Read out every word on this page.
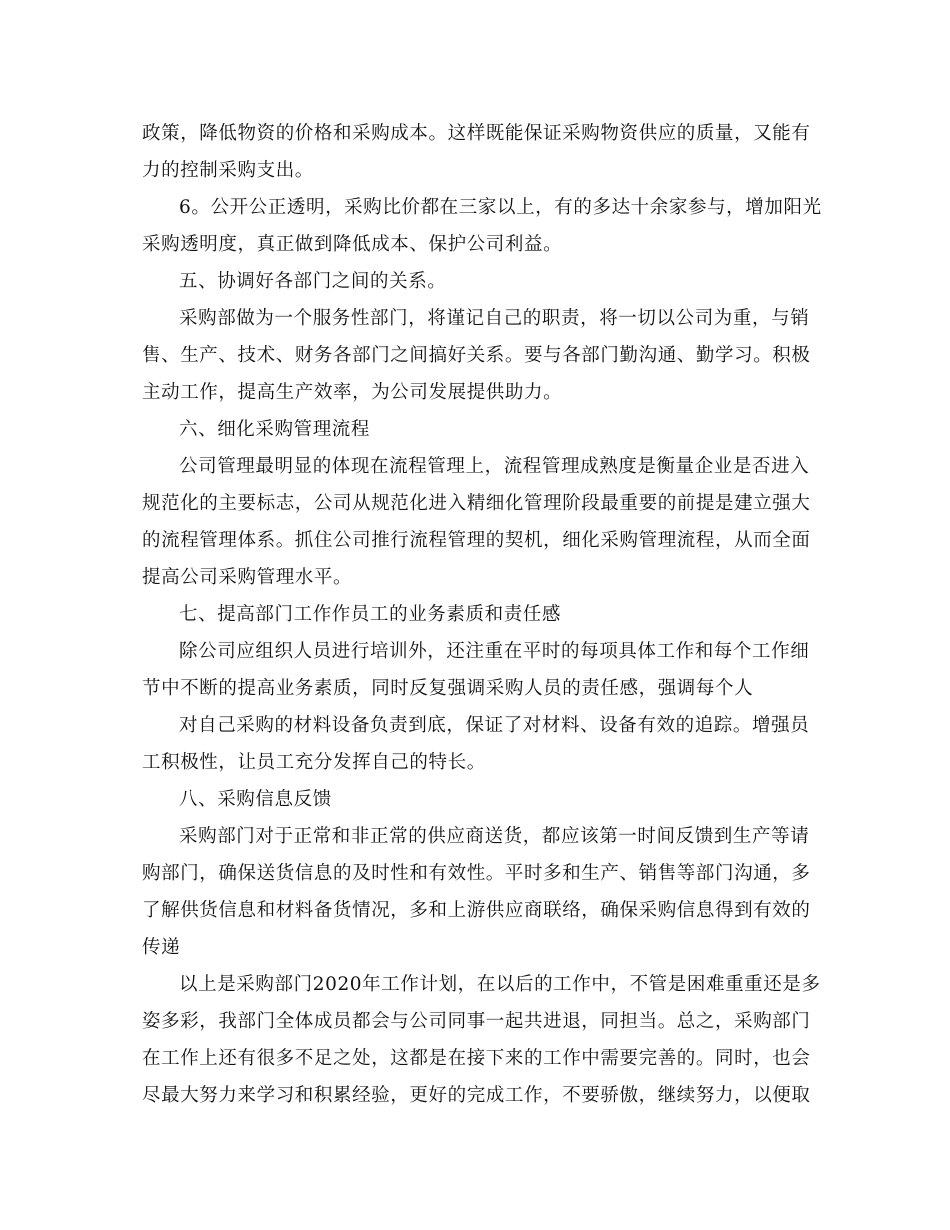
政策，降低物资的价格和采购成本。这样既能保证采购物资供应的质量，又能有
力的控制采购支出。
6。公开公正透明，采购比价都在三家以上，有的多达十余家参与，增加阳光
采购透明度，真正做到降低成本、保护公司利益。
五、协调好各部门之间的关系。
采购部做为一个服务性部门，将谨记自己的职责，将一切以公司为重，与销
售、生产、技术、财务各部门之间搞好关系。要与各部门勤沟通、勤学习。积极
主动工作，提高生产效率，为公司发展提供助力。
六、细化采购管理流程
公司管理最明显的体现在流程管理上，流程管理成熟度是衡量企业是否进入
规范化的主要标志，公司从规范化进入精细化管理阶段最重要的前提是建立强大
的流程管理体系。抓住公司推行流程管理的契机，细化采购管理流程，从而全面
提高公司采购管理水平。
七、提高部门工作作员工的业务素质和责任感
除公司应组织人员进行培训外，还注重在平时的每项具体工作和每个工作细
节中不断的提高业务素质，同时反复强调采购人员的责任感，强调每个人
对自己采购的材料设备负责到底，保证了对材料、设备有效的追踪。增强员
工积极性，让员工充分发挥自己的特长。
八、采购信息反馈
采购部门对于正常和非正常的供应商送货，都应该第一时间反馈到生产等请
购部门，确保送货信息的及时性和有效性。平时多和生产、销售等部门沟通，多
了解供货信息和材料备货情况，多和上游供应商联络，确保采购信息得到有效的
传递
以上是采购部门2020年工作计划，在以后的工作中，不管是困难重重还是多
姿多彩，我部门全体成员都会与公司同事一起共进退，同担当。总之，采购部门
在工作上还有很多不足之处，这都是在接下来的工作中需要完善的。同时，也会
尽最大努力来学习和积累经验，更好的完成工作，不要骄傲，继续努力，以便取
